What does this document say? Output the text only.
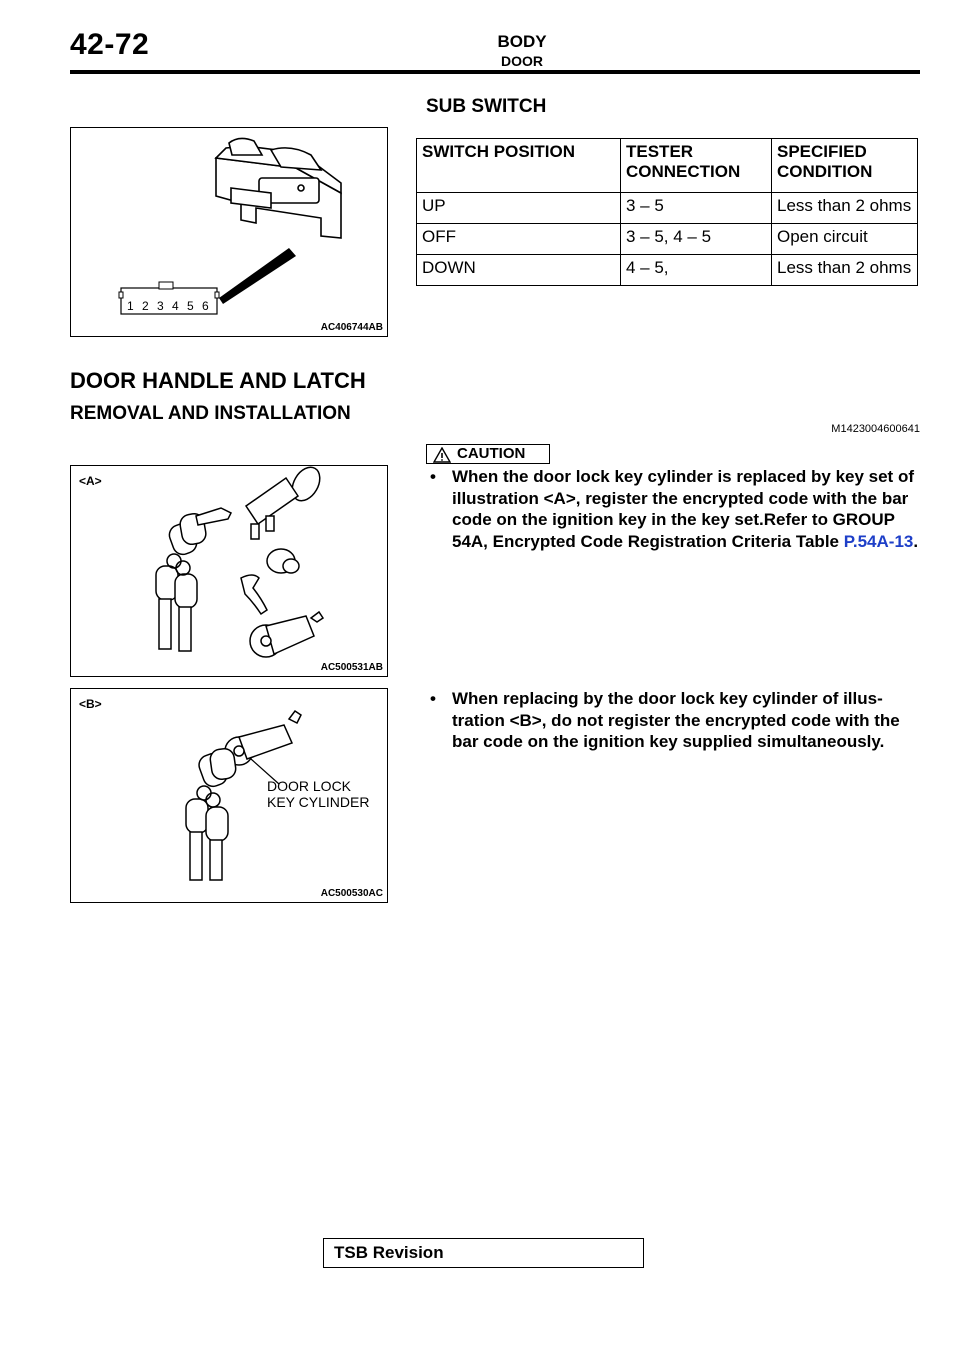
42-72	BODY
DOOR
1 2 3 4 5 6
AC406744AB
SUB SWITCH
SWITCH POSITION	TESTER CONNECTION	SPECIFIED CONDITION
UP	3 – 5	Less than 2 ohms
OFF	3 – 5, 4 – 5	Open circuit
DOWN	4 – 5,	Less than 2 ohms
DOOR HANDLE AND LATCH
REMOVAL AND INSTALLATION
M1423004600641
<A>
AC500531AB
<B>
DOOR LOCK
KEY CYLINDER
AC500530AC
CAUTION
• When the door lock key cylinder is replaced by key set of illustration <A>, register the encrypted code with the bar code on the ignition key in the key set.Refer to GROUP 54A, Encrypted Code Registration Criteria Table P.54A-13.
• When replacing by the door lock key cylinder of illus- tration <B>, do not register the encrypted code with the bar code on the ignition key supplied simultaneously.
TSB Revision
